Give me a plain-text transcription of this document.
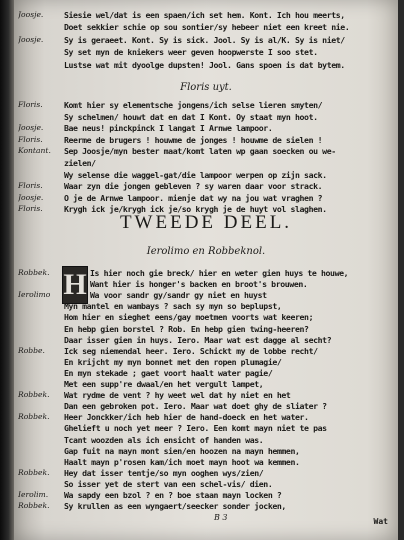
Joosje.	Siesie wel/dat is een spaen/ich set hem. Kont. Ich hou meerts,
Doet sekkier schie op sou sontier/sy hebeer niet een kreet nie.
Joosje.	Sy is geraeet. Kont. Sy is sick. Jool. Sy is al/K. Sy is niet/
Sy set myn de kniekers weer geven hoopwerste I soo stet.
Lustse wat mit dyoolge dupsten! Jool. Gans spoen is dat bytem.
Floris uyt.
Floris.	Komt hier sy elementsche jongens/ich selse lieren smyten/
Sy schelmen/ houwt dat en dat I Kont. Oy staat myn hoot.
Joosje.	Bae neus! pinckpinck I langat I Arnwe lampoor.
Floris.	Reerme de brugers ! houwme de jonges ! houwme de sielen !
Kontant.	Sep Joosje/myn bester maat/komt laten wp gaan soecken ou we-
zielen/
Wy selense die waggel-gat/die lampoor werpen op zijn sack.
Floris.	Waar zyn die jongen gebleven ? sy waren daar voor strack.
Joosje.	O je de Arnwe lampoor. mienje dat wy na jou wat vraghen ?
Floris.	Krygh ick je/krygh ick je/so krygh je de huyt vol slaghen.
TWEEDE DEEL.
Ierolimo en Robbeknol.
H
Robbek.	Is hier noch gie breck/ hier en weter gien huys te houwe,
Want hier is honger's backen en broot's brouwen.
Ierolimo	Wa voor sandr gy/sandr gy niet en huyst
Myn mantel en wambays ? sach sy myn so beplupst,
Hom hier en sieghet eens/gay moetmen voorts wat keeren;
En hebp gien borstel ? Rob. En hebp gien twing-heeren?
Daar isser gien in huys. Iero. Maar wat est dagge al secht?
Robbe.	Ick seg niemendal heer. Iero. Schickt my de lobbe recht/
En krijcht my myn bonnet met den ropen plumagie/
En myn stekade ; gaet voort haalt water pagie/
Met een supp're dwaal/en het vergult lampet,
Robbek.	Wat rydme de vent ? hy weet wel dat hy niet en het
Dan een gebroken pot. Iero. Maar wat doet ghy de sliater ?
Robbek.	Heer Jonckker/ich heb hier de hand-doeck en het water.
Ghelieft u noch yet meer ? Iero. Een komt mayn niet te pas
Tcant woozden als ich ensicht of handen was.
Gap fuit na mayn mont sien/en hoozen na mayn hemmen,
Haalt mayn p'rosen kam/ich moet mayn hoot wa kemmen.
Robbek.	Hey dat isser tentje/so myn ooghen wys/zien/
So isser yet de stert van een schel-vis/ dien.
Ierolim.	Wa sapdy een bzol ? en ? boe staan mayn locken ?
Robbek.	Sy krullen as een wyngaert/seecker sonder jocken,
B 3	Wat
